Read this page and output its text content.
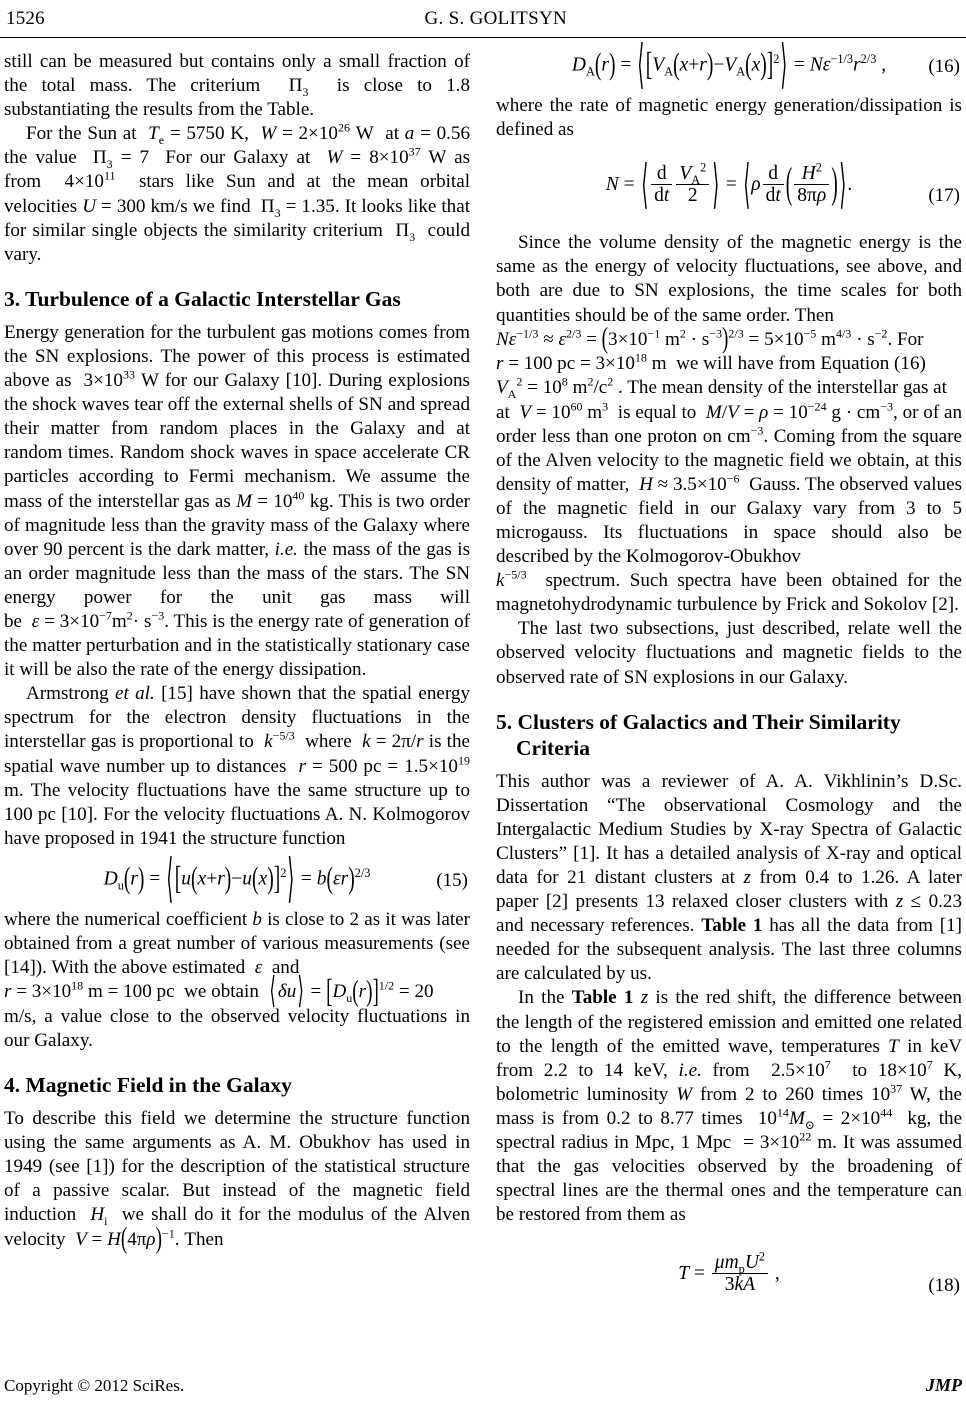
1526	G. S. GOLITSYN

still can be measured but contains only a small fraction of the total mass. The criterium $\Pi_3$ is close to 1.8 substantiating the results from the Table.

For the Sun at $T_e = 5750$ K, $W = 2\times 10^{26}$ W at a = 0.56 the value $\Pi_3 = 7$ For our Galaxy at $W = 8\times 10^{37}$ W as from $4\times 10^{11}$ stars like Sun and at the mean orbital velocities U = 300 km/s we find $\Pi_3 = 1.35$. It looks like that for similar single objects the similarity criterium $\Pi_3$ could vary.

3. Turbulence of a Galactic Interstellar Gas

Energy generation for the turbulent gas motions comes from the SN explosions. The power of this process is estimated above as $3\times 10^{33}$ W for our Galaxy [10]. During explosions the shock waves tear off the external shells of SN and spread their matter from random places in the Galaxy and at random times. Random shock waves in space accelerate CR particles according to Fermi mechanism. We assume the mass of the interstellar gas as $M = 10^{40}$ kg. This is two order of magnitude less than the gravity mass of the Galaxy where over 90 percent is the dark matter, i.e. the mass of the gas is an order magnitude less than the mass of the stars. The SN energy power for the unit gas mass will be $\varepsilon = 3\times 10^{-7}m^2\cdot s^{-3}$. This is the energy rate of generation of the matter perturbation and in the statistically stationary case it will be also the rate of the energy dissipation.

Armstrong et al. [15] have shown that the spatial energy spectrum for the electron density fluctuations in the interstellar gas is proportional to $k^{-5/3}$ where k = 2π/r is the spatial wave number up to distances r = 500 pc = $1.5\times 10^{19}$ m. The velocity fluctuations have the same structure up to 100 pc [10]. For the velocity fluctuations A. N. Kolmogorov have proposed in 1941 the structure function

$D_u(r)$ = $⟨[u(x+r)-u(x)]^2⟩ = b(\varepsilon r)^{2/3}$	(15)

where the numerical coefficient b is close to 2 as it was later obtained from a great number of various measurements (see [14]). With the above estimated ε and

$r = 3\times 10^{18}$ m = 100 pc we obtain ⟨δu⟩ = $[D_u(r)]^{1/2} = 20$

m/s, a value close to the observed velocity fluctuations in our Galaxy.

4. Magnetic Field in the Galaxy

To describe this field we determine the structure function using the same arguments as A. M. Obukhov has used in 1949 (see [1]) for the description of the statistical structure of a passive scalar. But instead of the magnetic field induction $H_i$ we shall do it for the modulus of the Alven velocity $V = H(4\pi\rho)^{-1}$. Then

$D_A(r)$ = $⟨[V_A(x+r)-V_A(x)]^2⟩ = N\varepsilon^{-1/3}r^{2/3}$ , (16)

where the rate of magnetic energy generation/dissipation is defined as

N = ⟨ $\frac{d}{dt} \frac{V_A^2}{2}$ ⟩ = ⟨ρ $\frac{d}{dt}$ ( $\frac{H^2}{8\pi\rho}$ )⟩.
(17)

Since the volume density of the magnetic energy is the same as the energy of velocity fluctuations, see above, and both are due to SN explosions, the time scales for both quantities should be of the same order. Then

$N\varepsilon^{-1/3} \approx \varepsilon^{2/3} = (3\times 10^{-1}$ $m^2 \cdot s^{-3})^{2/3} = 5\times 10^{-5}$ $m^{4/3} \cdot s^{-2}$. For

r = 100 pc = $3\times 10^{18}$ m we will have from Equation (16)

$V_A^2 = 10^8$ $m^2/c^2$ . The mean density of the interstellar gas at

at $V = 10^{60}$ $m^3$ is equal to $M/V = \rho = 10^{-24}$ $g \cdot cm^{-3}$, or of an order less than one proton on $cm^{-3}$. Coming from the square of the Alven velocity to the magnetic field we obtain, at this density of matter, $H \approx 3.5\times 10^{-6}$ Gauss. The observed values of the magnetic field in our Galaxy vary from 3 to 5 microgauss. Its fluctuations in space should also be described by the Kolmogorov-Obukhov

$k^{-5/3}$ spectrum. Such spectra have been obtained for the magnetohydrodynamic turbulence by Frick and Sokolov [2].

The last two subsections, just described, relate well the observed velocity fluctuations and magnetic fields to the observed rate of SN explosions in our Galaxy.

5. Clusters of Galactics and Their Similarity Criteria

This author was a reviewer of A. A. Vikhlinin’s D.Sc. Dissertation “The observational Cosmology and the Intergalactic Medium Studies by X-ray Spectra of Galactic Clusters” [1]. It has a detailed analysis of X-ray and optical data for 21 distant clusters at z from 0.4 to 1.26. A later paper [2] presents 13 relaxed closer clusters with z ≤ 0.23 and necessary references. Table 1 has all the data from [1] needed for the subsequent analysis. The last three columns are calculated by us.

In the Table 1 z is the red shift, the difference between the length of the registered emission and emitted one related to the length of the emitted wave, temperatures T in keV from 2.2 to 14 keV, i.e. from $2.5\times 10^7$ to $18\times 10^7$ K, bolometric luminosity W from 2 to 260 times $10^{37}$ W, the mass is from 0.2 to 8.77 times $10^{14}M_⊙ = 2\times 10^{44}$ kg, the spectral radius in Mpc, 1 Mpc = $3\times 10^{22}$ m. It was assumed that the gas velocities observed by the broadening of spectral lines are the thermal ones and the temperature can be restored from them as

$T = \frac{\mu m_pU^2}{3kA}$ ,
(18)
Copyright © 2012 SciRes.	JMP
